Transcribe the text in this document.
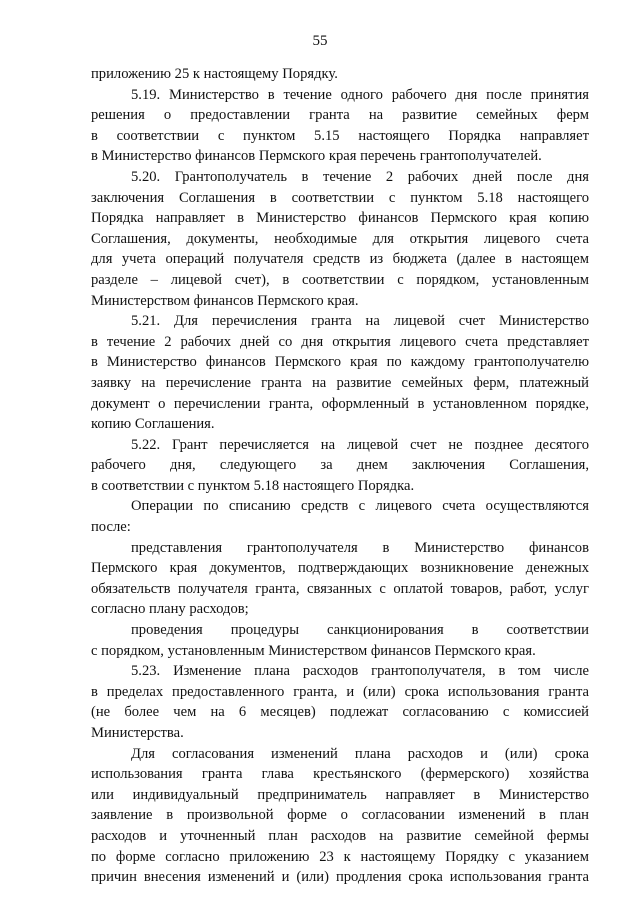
55
приложению 25 к настоящему Порядку.
5.19. Министерство в течение одного рабочего дня после принятия
решения о предоставлении гранта на развитие семейных ферм
в соответствии с пунктом 5.15 настоящего Порядка направляет
в Министерство финансов Пермского края перечень грантополучателей.
5.20. Грантополучатель в течение 2 рабочих дней после дня
заключения Соглашения в соответствии с пунктом 5.18 настоящего
Порядка направляет в Министерство финансов Пермского края копию
Соглашения, документы, необходимые для открытия лицевого счета
для учета операций получателя средств из бюджета (далее в настоящем
разделе – лицевой счет), в соответствии с порядком, установленным
Министерством финансов Пермского края.
5.21. Для перечисления гранта на лицевой счет Министерство
в течение 2 рабочих дней со дня открытия лицевого счета представляет
в Министерство финансов Пермского края по каждому грантополучателю
заявку на перечисление гранта на развитие семейных ферм, платежный
документ о перечислении гранта, оформленный в установленном порядке,
копию Соглашения.
5.22. Грант перечисляется на лицевой счет не позднее десятого
рабочего дня, следующего за днем заключения Соглашения,
в соответствии с пунктом 5.18 настоящего Порядка.
Операции по списанию средств с лицевого счета осуществляются
после:
представления грантополучателя в Министерство финансов
Пермского края документов, подтверждающих возникновение денежных
обязательств получателя гранта, связанных с оплатой товаров, работ, услуг
согласно плану расходов;
проведения процедуры санкционирования в соответствии
с порядком, установленным Министерством финансов Пермского края.
5.23. Изменение плана расходов грантополучателя, в том числе
в пределах предоставленного гранта, и (или) срока использования гранта
(не более чем на 6 месяцев) подлежат согласованию с комиссией
Министерства.
Для согласования изменений плана расходов и (или) срока
использования гранта глава крестьянского (фермерского) хозяйства
или индивидуальный предприниматель направляет в Министерство
заявление в произвольной форме о согласовании изменений в план
расходов и уточненный план расходов на развитие семейной фермы
по форме согласно приложению 23 к настоящему Порядку с указанием
причин внесения изменений и (или) продления срока использования гранта
